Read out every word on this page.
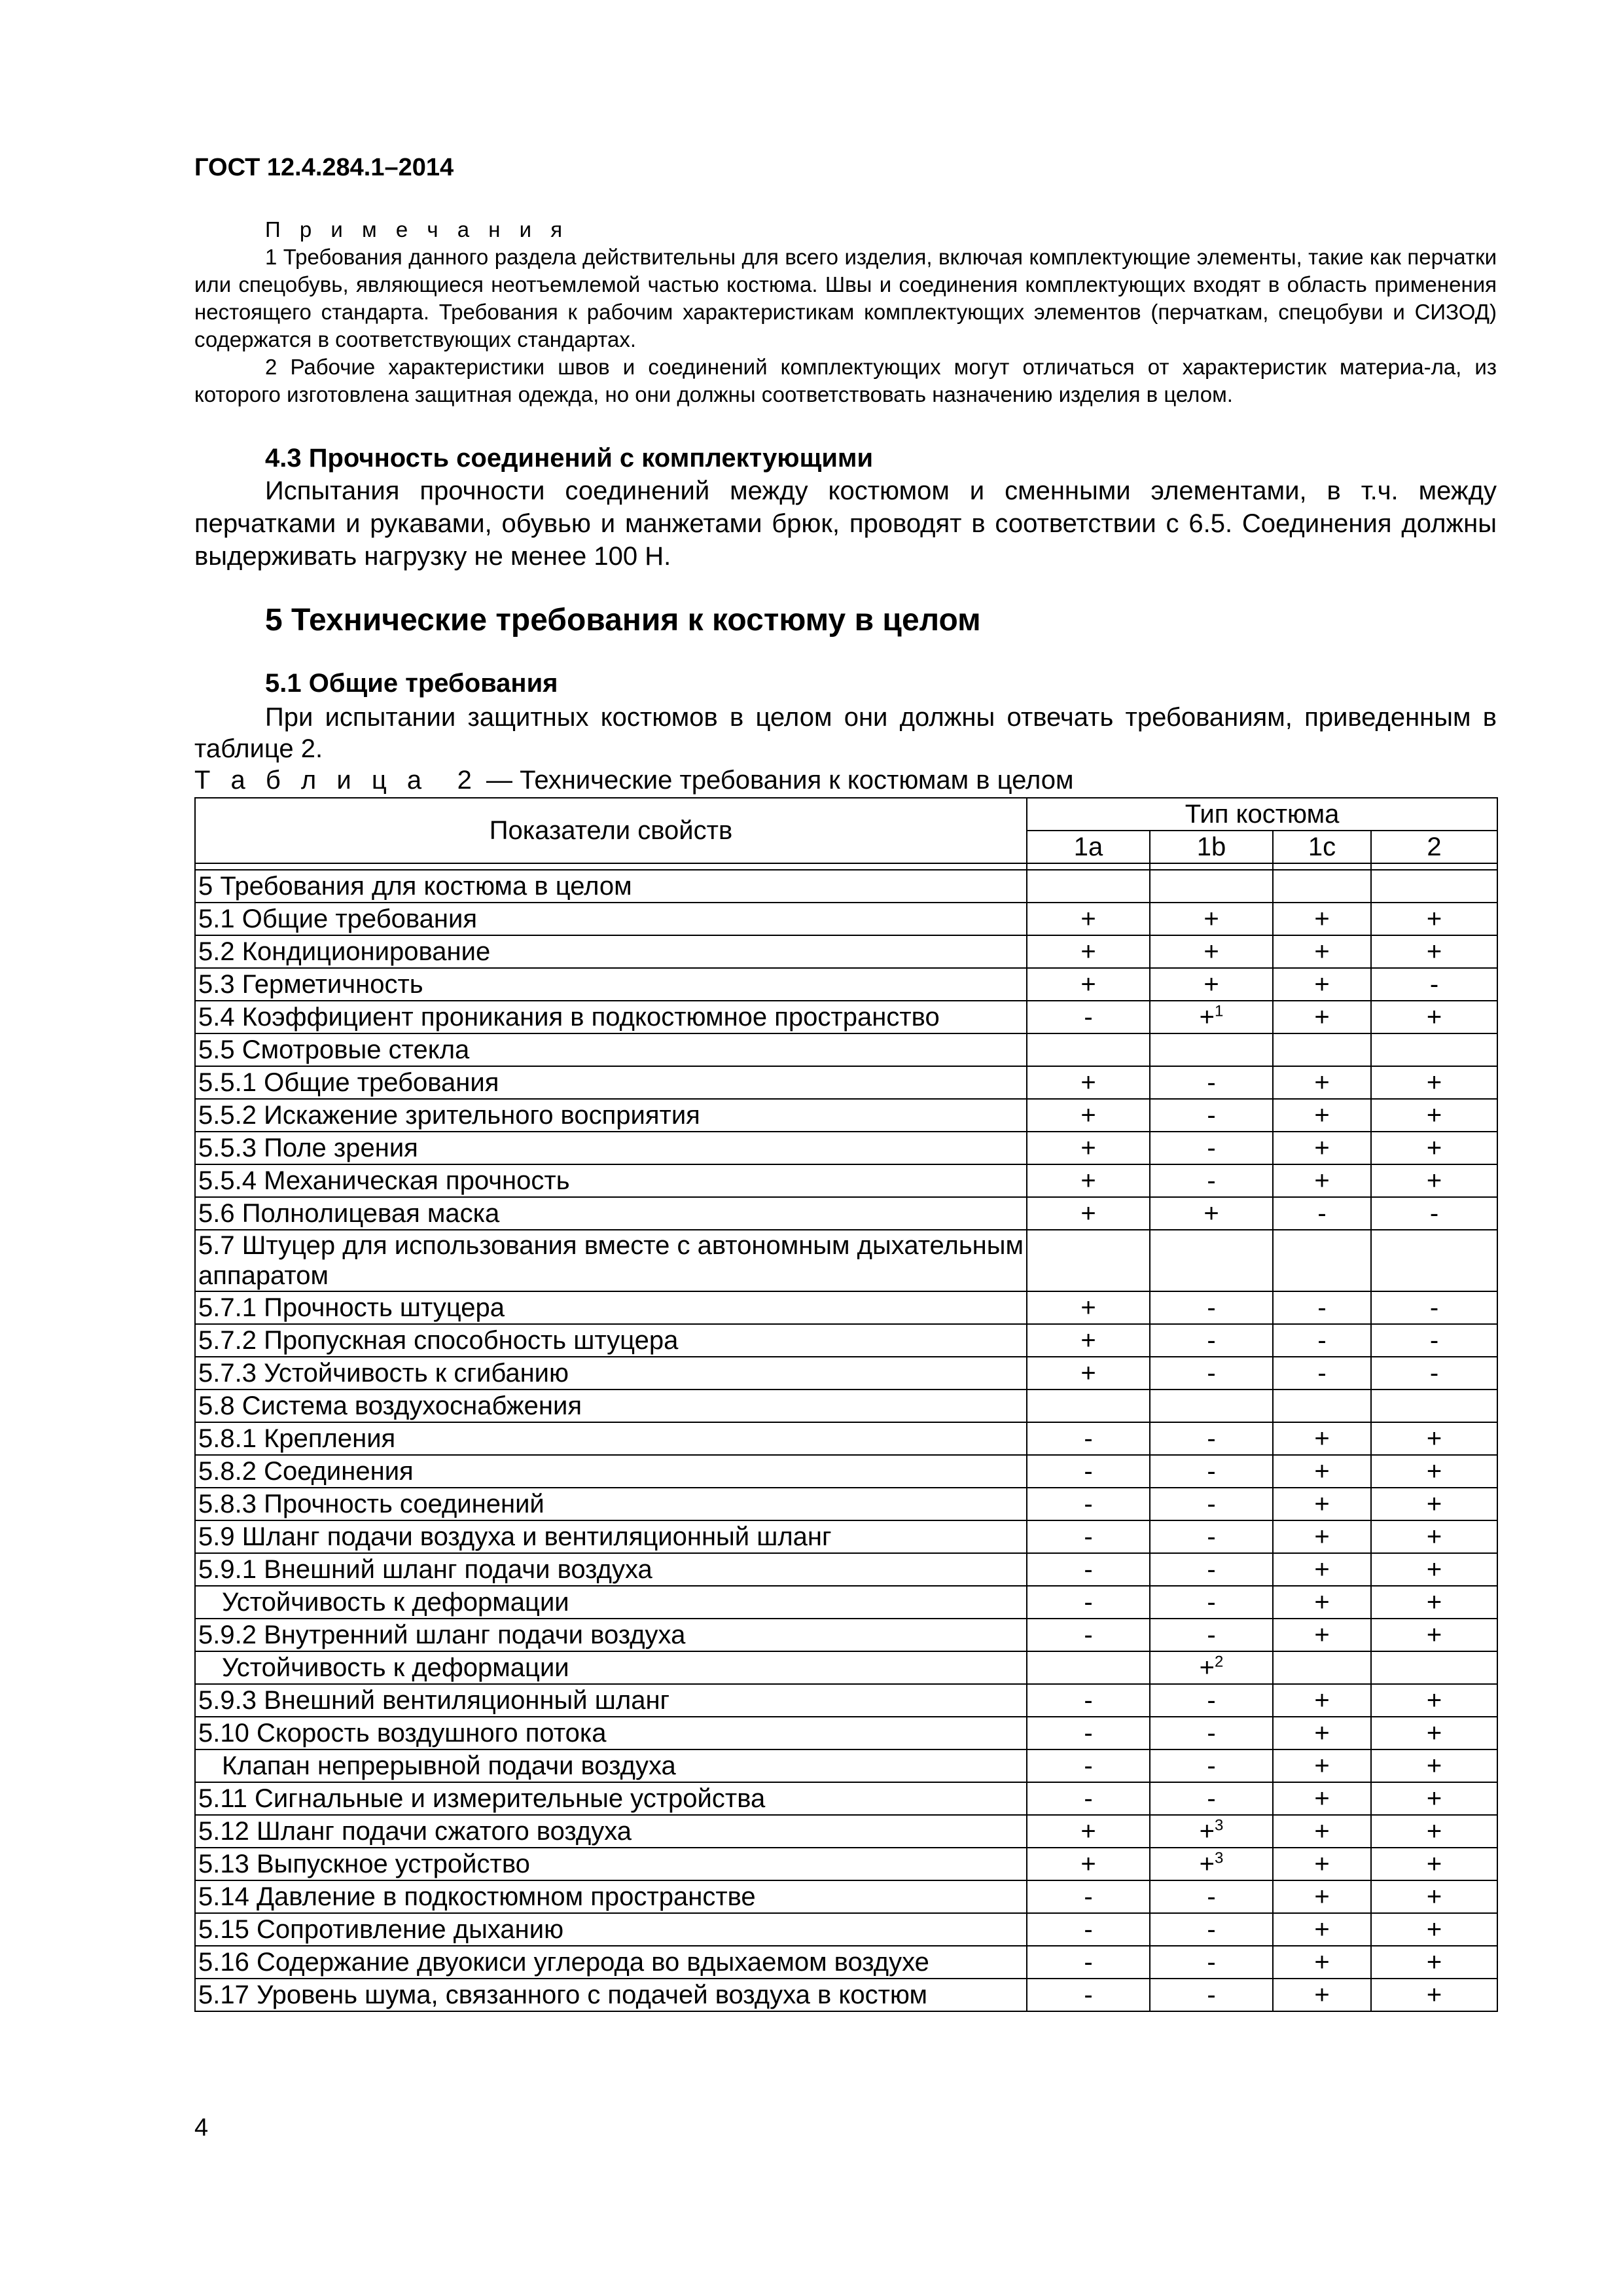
ГОСТ 12.4.284.1–2014
П р и м е ч а н и я

1 Требования данного раздела действительны для всего изделия, включая комплектующие элементы, такие как перчатки или спецобувь, являющиеся неотъемлемой частью костюма. Швы и соединения комплектующих входят в область применения нестоящего стандарта. Требования к рабочим характеристикам комплектующих элементов (перчаткам, спецобуви и СИЗОД) содержатся в соответствующих стандартах.

2 Рабочие характеристики швов и соединений комплектующих могут отличаться от характеристик материа-ла, из которого изготовлена защитная одежда, но они должны соответствовать назначению изделия в целом.

4.3 Прочность соединений с комплектующими

Испытания прочности соединений между костюмом и сменными элементами, в т.ч. между перчатками и рукавами, обувью и манжетами брюк, проводят в соответствии с 6.5. Соединения должны выдерживать нагрузку не менее 100 Н.

5 Технические требования к костюму в целом
5.1 Общие требования

При испытании защитных костюмов в целом они должны отвечать требованиям, приведенным в таблице 2.

Т а б л и ц а 2 — Технические требования к костюмам в целом
Показатели свойств	Тип костюма			
	1a	1b	1c	2

5 Требования для костюма в целом				
5.1 Общие требования	+	+	+	+
5.2 Кондиционирование	+	+	+	+
5.3 Герметичность	+	+	+	-
5.4 Коэффициент проникания в подкостюмное пространство	-	+$^1$	+	+
5.5 Смотровые стекла				
5.5.1 Общие требования	+	-	+	+
5.5.2 Искажение зрительного восприятия	+	-	+	+
5.5.3 Поле зрения	+	-	+	+
5.5.4 Механическая прочность	+	-	+	+
5.6 Полнолицевая маска	+	+	-	-
5.7 Штуцер для использования вместе с автономным дыхательным аппаратом				
5.7.1 Прочность штуцера	+	-	-	-
5.7.2 Пропускная способность штуцера	+	-	-	-
5.7.3 Устойчивость к сгибанию	+	-	-	-
5.8 Система воздухоснабжения				
5.8.1 Крепления	-	-	+	+
5.8.2 Соединения	-	-	+	+
5.8.3 Прочность соединений	-	-	+	+
5.9 Шланг подачи воздуха и вентиляционный шланг	-	-	+	+
5.9.1 Внешний шланг подачи воздуха	-	-	+	+
Устойчивость к деформации	-	-	+	+
5.9.2 Внутренний шланг подачи воздуха	-	-	+	+
Устойчивость к деформации		+$^2$		
5.9.3 Внешний вентиляционный шланг	-	-	+	+
5.10 Скорость воздушного потока	-	-	+	+
Клапан непрерывной подачи воздуха	-	-	+	+
5.11 Сигнальные и измерительные устройства	-	-	+	+
5.12 Шланг подачи сжатого воздуха	+	+$^3$	+	+
5.13 Выпускное устройство	+	+$^3$	+	+
5.14 Давление в подкостюмном пространстве	-	-	+	+
5.15 Сопротивление дыханию	-	-	+	+
5.16 Содержание двуокиси углерода во вдыхаемом воздухе	-	-	+	+
5.17 Уровень шума, связанного с подачей воздуха в костюм	-	-	+	+
4
